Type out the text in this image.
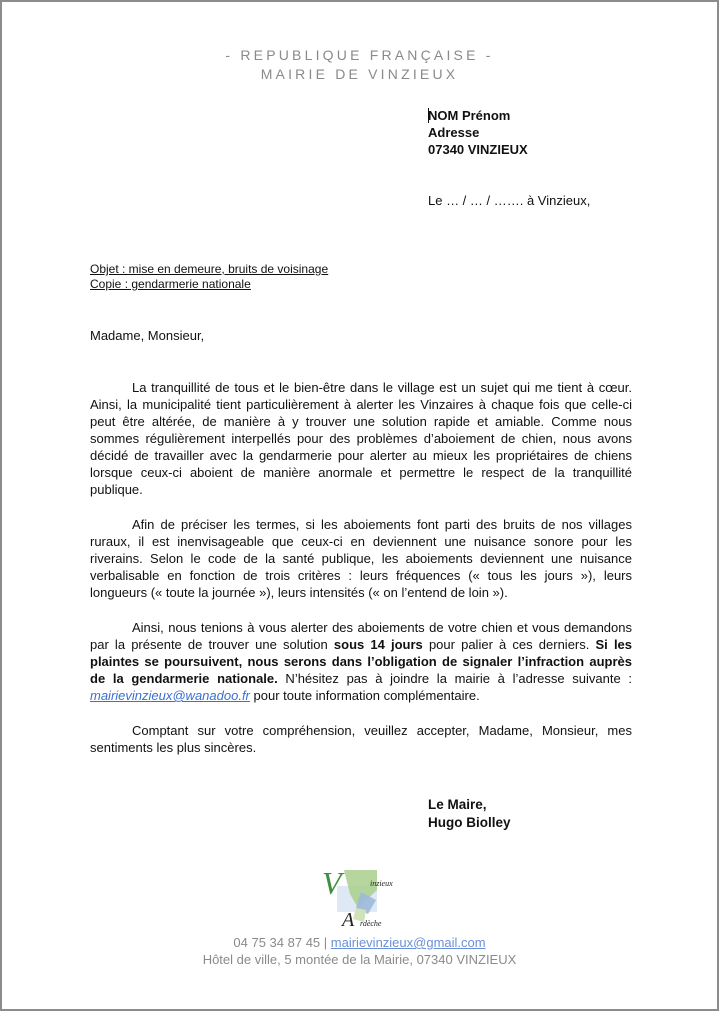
- REPUBLIQUE FRANÇAISE -
MAIRIE DE VINZIEUX
NOM Prénom
Adresse
07340 VINZIEUX
Le … / … / ……. à Vinzieux,
Objet : mise en demeure, bruits de voisinage
Copie : gendarmerie nationale
Madame, Monsieur,

La tranquillité de tous et le bien-être dans le village est un sujet qui me tient à cœur. Ainsi, la municipalité tient particulièrement à alerter les Vinzaires à chaque fois que celle-ci peut être altérée, de manière à y trouver une solution rapide et amiable. Comme nous sommes régulièrement interpellés pour des problèmes d’aboiement de chien, nous avons décidé de travailler avec la gendarmerie pour alerter au mieux les propriétaires de chiens lorsque ceux-ci aboient de manière anormale et permettre le respect de la tranquillité publique.

Afin de préciser les termes, si les aboiements font parti des bruits de nos villages ruraux, il est inenvisageable que ceux-ci en deviennent une nuisance sonore pour les riverains. Selon le code de la santé publique, les aboiements deviennent une nuisance verbalisable en fonction de trois critères : leurs fréquences (« tous les jours »), leurs longueurs (« toute la journée »), leurs intensités (« on l’entend de loin »).

Ainsi, nous tenions à vous alerter des aboiements de votre chien et vous demandons par la présente de trouver une solution sous 14 jours pour palier à ces derniers. Si les plaintes se poursuivent, nous serons dans l’obligation de signaler l’infraction auprès de la gendarmerie nationale. N’hésitez pas à joindre la mairie à l’adresse suivante : mairievinzieux@wanadoo.fr pour toute information complémentaire.

Comptant sur votre compréhension, veuillez accepter, Madame, Monsieur, mes sentiments les plus sincères.

Le Maire,
Hugo Biolley
V	inzieux
A rdèche
04 75 34 87 45 | mairievinzieux@gmail.com
Hôtel de ville, 5 montée de la Mairie, 07340 VINZIEUX
